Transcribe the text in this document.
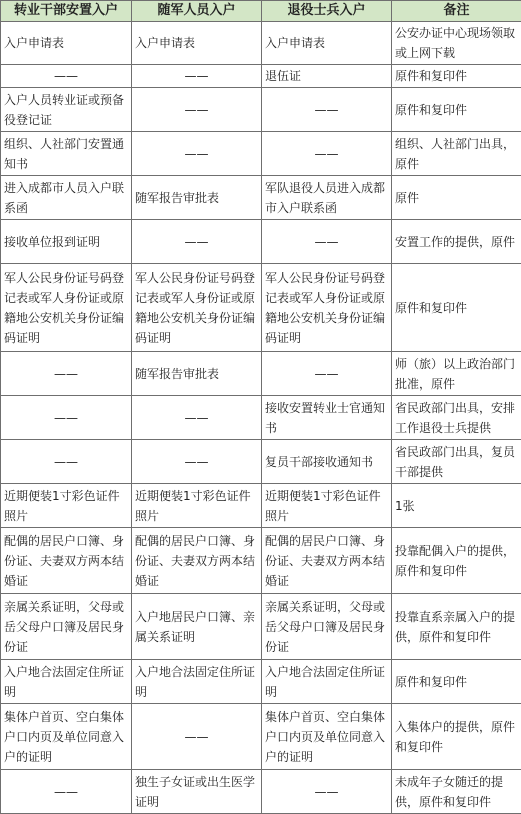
转业干部安置入户	随军人员入户	退役士兵入户	备注
入户申请表	入户申请表	入户申请表	公安办证中心现场领取或上网下载
——	——	退伍证	原件和复印件
入户人员转业证或预备役登记证	——	——	原件和复印件
组织、人社部门安置通知书	——	——	组织、人社部门出具，原件
进入成都市人员入户联系函	随军报告审批表	军队退役人员进入成都市入户联系函	原件
接收单位报到证明	——	——	安置工作的提供，原件
军人公民身份证号码登记表或军人身份证或原籍地公安机关身份证编码证明	军人公民身份证号码登记表或军人身份证或原籍地公安机关身份证编码证明	军人公民身份证号码登记表或军人身份证或原籍地公安机关身份证编码证明	原件和复印件
——	随军报告审批表	——	师（旅）以上政治部门批准，原件
——	——	接收安置转业士官通知书	省民政部门出具，安排工作退役士兵提供
——	——	复员干部接收通知书	省民政部门出具，复员干部提供
近期便装1寸彩色证件照片	近期便装1寸彩色证件照片	近期便装1寸彩色证件照片	1张
配偶的居民户口簿、身份证、夫妻双方两本结婚证	配偶的居民户口簿、身份证、夫妻双方两本结婚证	配偶的居民户口簿、身份证、夫妻双方两本结婚证	投靠配偶入户的提供，原件和复印件
亲属关系证明，父母或岳父母户口簿及居民身份证	入户地居民户口簿、亲属关系证明	亲属关系证明，父母或岳父母户口簿及居民身份证	投靠直系亲属入户的提供，原件和复印件
入户地合法固定住所证明	入户地合法固定住所证明	入户地合法固定住所证明	原件和复印件
集体户首页、空白集体户口内页及单位同意入户的证明	——	集体户首页、空白集体户口内页及单位同意入户的证明	入集体户的提供，原件和复印件
——	独生子女证或出生医学证明	——	未成年子女随迁的提供，原件和复印件
